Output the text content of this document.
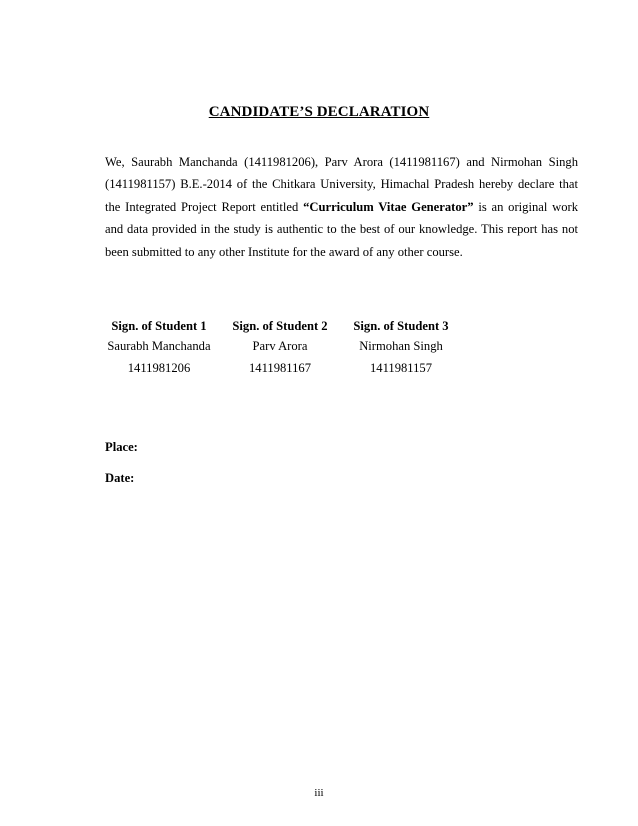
CANDIDATE’S DECLARATION

We, Saurabh Manchanda (1411981206), Parv Arora (1411981167) and Nirmohan Singh (1411981157) B.E.-2014 of the Chitkara University, Himachal Pradesh hereby declare that the Integrated Project Report entitled “Curriculum Vitae Generator” is an original work and data provided in the study is authentic to the best of our knowledge. This report has not been submitted to any other Institute for the award of any other course.

Sign. of Student 1
Saurabh Manchanda
1411981206
Sign. of Student 2
Parv Arora
1411981167
Sign. of Student 3
Nirmohan Singh
1411981157
Place:
Date:
iii
